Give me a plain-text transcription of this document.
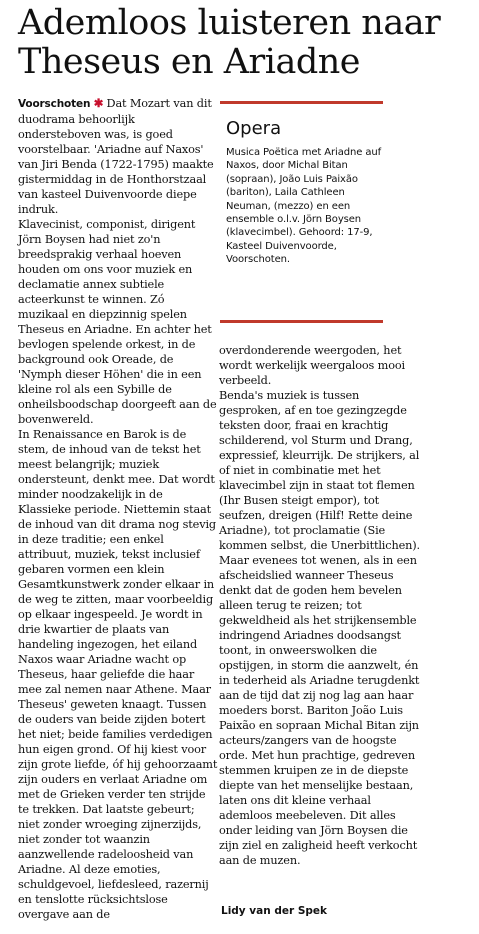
Ademloos luisteren naar Theseus en Ariadne

Voorschoten ✱ Dat Mozart van dit duodrama behoorlijk ondersteboven was, is goed voorstelbaar. 'Ariadne auf Naxos' van Jiri Benda (1722-1795) maakte gistermiddag in de Honthorstzaal van kasteel Duivenvoorde diepe indruk.

Klavecinist, componist, dirigent Jörn Boysen had niet zo'n breedsprakig verhaal hoeven houden om ons voor muziek en declamatie annex subtiele acteerkunst te winnen. Zó muzikaal en diepzinnig spelen Theseus en Ariadne. En achter het bevlogen spelende orkest, in de background ook Oreade, de 'Nymph dieser Höhen' die in een kleine rol als een Sybille de onheilsboodschap doorgeeft aan de bovenwereld.

In Renaissance en Barok is de stem, de inhoud van de tekst het meest belangrijk; muziek ondersteunt, denkt mee. Dat wordt minder noodzakelijk in de Klassieke periode. Niettemin staat de inhoud van dit drama nog stevig in deze traditie; een enkel attribuut, muziek, tekst inclusief gebaren vormen een klein Gesamtkunstwerk zonder elkaar in de weg te zitten, maar voorbeeldig op elkaar ingespeeld. Je wordt in drie kwartier de plaats van handeling ingezogen, het eiland Naxos waar Ariadne wacht op Theseus, haar geliefde die haar mee zal nemen naar Athene. Maar Theseus' geweten knaagt. Tussen de ouders van beide zijden botert het niet; beide families verdedigen hun eigen grond. Of hij kiest voor zijn grote liefde, óf hij gehoorzaamt zijn ouders en verlaat Ariadne om met de Grieken verder ten strijde te trekken. Dat laatste gebeurt; niet zonder wroeging zijnerzijds, niet zonder tot waanzin aanzwellende radeloosheid van Ariadne. Al deze emoties, schuldgevoel, liefdesleed, razernij en tenslotte rücksichtslose overgave aan de

Opera

Musica Poëtica met Ariadne auf Naxos, door Michal Bitan (sopraan), João Luis Paixão (bariton), Laila Cathleen Neuman, (mezzo) en een ensemble o.l.v. Jörn Boysen (klavecimbel). Gehoord: 17-9, Kasteel Duivenvoorde, Voorschoten.

overdonderende weergoden, het wordt werkelijk weergaloos mooi verbeeld.

Benda's muziek is tussen gesproken, af en toe gezingzegde teksten door, fraai en krachtig schilderend, vol Sturm und Drang, expressief, kleurrijk. De strijkers, al of niet in combinatie met het klavecimbel zijn in staat tot flemen (Ihr Busen steigt empor), tot seufzen, dreigen (Hilf! Rette deine Ariadne), tot proclamatie (Sie kommen selbst, die Unerbittlichen). Maar evenees tot wenen, als in een afscheidslied wanneer Theseus denkt dat de goden hem bevelen alleen terug te reizen; tot gekweldheid als het strijkensemble indringend Ariadnes doodsangst toont, in onweerswolken die opstijgen, in storm die aanzwelt, én in tederheid als Ariadne terugdenkt aan de tijd dat zij nog lag aan haar moeders borst. Bariton João Luis Paixão en sopraan Michal Bitan zijn acteurs/zangers van de hoogste orde. Met hun prachtige, gedreven stemmen kruipen ze in de diepste diepte van het menselijke bestaan, laten ons dit kleine verhaal ademloos meebeleven. Dit alles onder leiding van Jörn Boysen die zijn ziel en zaligheid heeft verkocht aan de muzen.

Lidy van der Spek
